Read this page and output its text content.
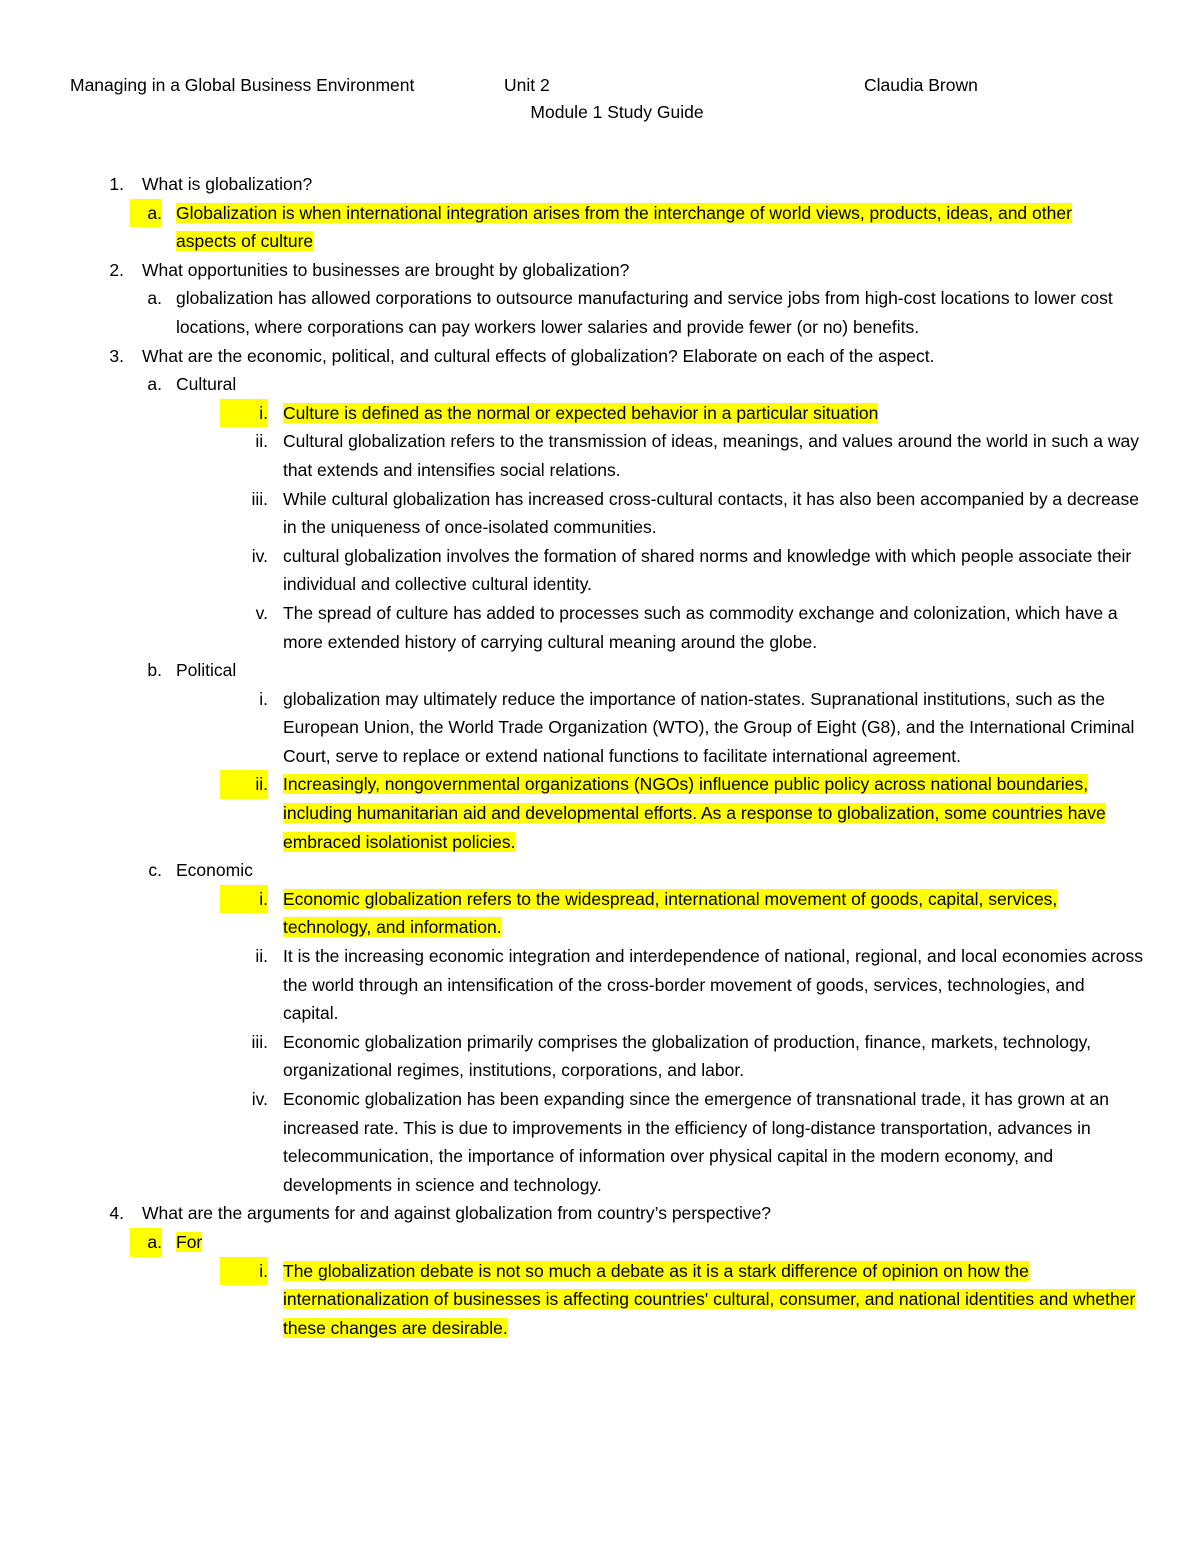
Managing in a Global Business Environment	Unit 2	Claudia Brown
Module 1 Study Guide
1. What is globalization?
a. Globalization is when international integration arises from the interchange of world views, products, ideas, and other aspects of culture
2. What opportunities to businesses are brought by globalization?
a. globalization has allowed corporations to outsource manufacturing and service jobs from high-cost locations to lower cost locations, where corporations can pay workers lower salaries and provide fewer (or no) benefits.
3. What are the economic, political, and cultural effects of globalization? Elaborate on each of the aspect.
a. Cultural
i. Culture is defined as the normal or expected behavior in a particular situation
ii. Cultural globalization refers to the transmission of ideas, meanings, and values around the world in such a way that extends and intensifies social relations.
iii. While cultural globalization has increased cross-cultural contacts, it has also been accompanied by a decrease in the uniqueness of once-isolated communities.
iv. cultural globalization involves the formation of shared norms and knowledge with which people associate their individual and collective cultural identity.
v. The spread of culture has added to processes such as commodity exchange and colonization, which have a more extended history of carrying cultural meaning around the globe.
b. Political
i. globalization may ultimately reduce the importance of nation-states. Supranational institutions, such as the European Union, the World Trade Organization (WTO), the Group of Eight (G8), and the International Criminal Court, serve to replace or extend national functions to facilitate international agreement.
ii. Increasingly, nongovernmental organizations (NGOs) influence public policy across national boundaries, including humanitarian aid and developmental efforts. As a response to globalization, some countries have embraced isolationist policies.
c. Economic
i. Economic globalization refers to the widespread, international movement of goods, capital, services, technology, and information.
ii. It is the increasing economic integration and interdependence of national, regional, and local economies across the world through an intensification of the cross-border movement of goods, services, technologies, and capital.
iii. Economic globalization primarily comprises the globalization of production, finance, markets, technology, organizational regimes, institutions, corporations, and labor.
iv. Economic globalization has been expanding since the emergence of transnational trade, it has grown at an increased rate. This is due to improvements in the efficiency of long-distance transportation, advances in telecommunication, the importance of information over physical capital in the modern economy, and developments in science and technology.
4. What are the arguments for and against globalization from country’s perspective?
a. For
i. The globalization debate is not so much a debate as it is a stark difference of opinion on how the internationalization of businesses is affecting countries' cultural, consumer, and national identities and whether these changes are desirable.
